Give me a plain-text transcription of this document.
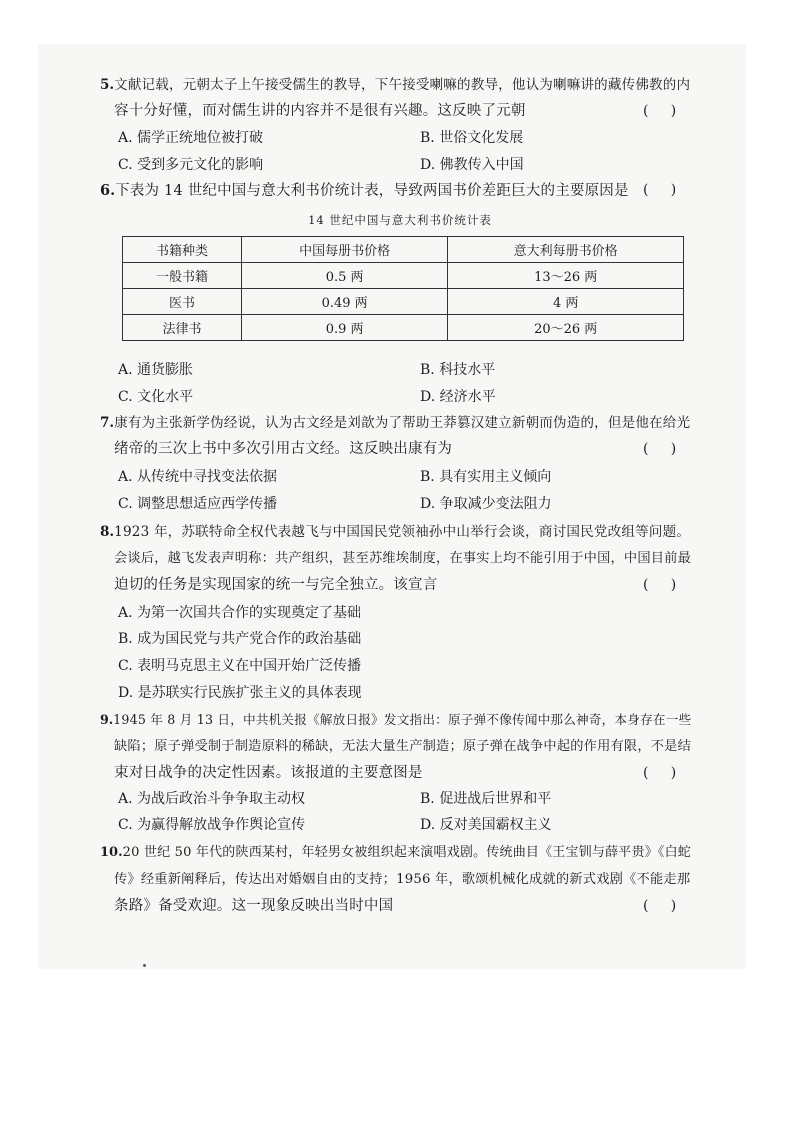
5.文献记载，元朝太子上午接受儒生的教导，下午接受喇嘛的教导，他认为喇嘛讲的藏传佛教的内
容十分好懂，而对儒生讲的内容并不是很有兴趣。这反映了元朝	(     )
A. 儒学正统地位被打破	B. 世俗文化发展
C. 受到多元文化的影响	D. 佛教传入中国
6.下表为 14 世纪中国与意大利书价统计表，导致两国书价差距巨大的主要原因是 (     )
14 世纪中国与意大利书价统计表
书籍种类	中国每册书价格	意大利每册书价格
一般书籍	0.5 两	13～26 两
医书	0.49 两	4 两
法律书	0.9 两	20～26 两
A. 通货膨胀	B. 科技水平
C. 文化水平	D. 经济水平
7.康有为主张新学伪经说，认为古文经是刘歆为了帮助王莽篡汉建立新朝而伪造的，但是他在给光
绪帝的三次上书中多次引用古文经。这反映出康有为	(     )
A. 从传统中寻找变法依据	B. 具有实用主义倾向
C. 调整思想适应西学传播	D. 争取减少变法阻力
8.1923 年，苏联特命全权代表越飞与中国国民党领袖孙中山举行会谈，商讨国民党改组等问题。
会谈后，越飞发表声明称：共产组织，甚至苏维埃制度，在事实上均不能引用于中国，中国目前最
迫切的任务是实现国家的统一与完全独立。该宣言	(     )
A. 为第一次国共合作的实现奠定了基础
B. 成为国民党与共产党合作的政治基础
C. 表明马克思主义在中国开始广泛传播
D. 是苏联实行民族扩张主义的具体表现
9.1945 年 8 月 13 日，中共机关报《解放日报》发文指出：原子弹不像传闻中那么神奇，本身存在一些
缺陷；原子弹受制于制造原料的稀缺，无法大量生产制造；原子弹在战争中起的作用有限，不是结
束对日战争的决定性因素。该报道的主要意图是	(     )
A. 为战后政治斗争争取主动权	B. 促进战后世界和平
C. 为赢得解放战争作舆论宣传	D. 反对美国霸权主义
10.20 世纪 50 年代的陕西某村，年轻男女被组织起来演唱戏剧。传统曲目《王宝钏与薛平贵》《白蛇
传》经重新阐释后，传达出对婚姻自由的支持；1956 年，歌颂机械化成就的新式戏剧《不能走那
条路》备受欢迎。这一现象反映出当时中国	(     )
